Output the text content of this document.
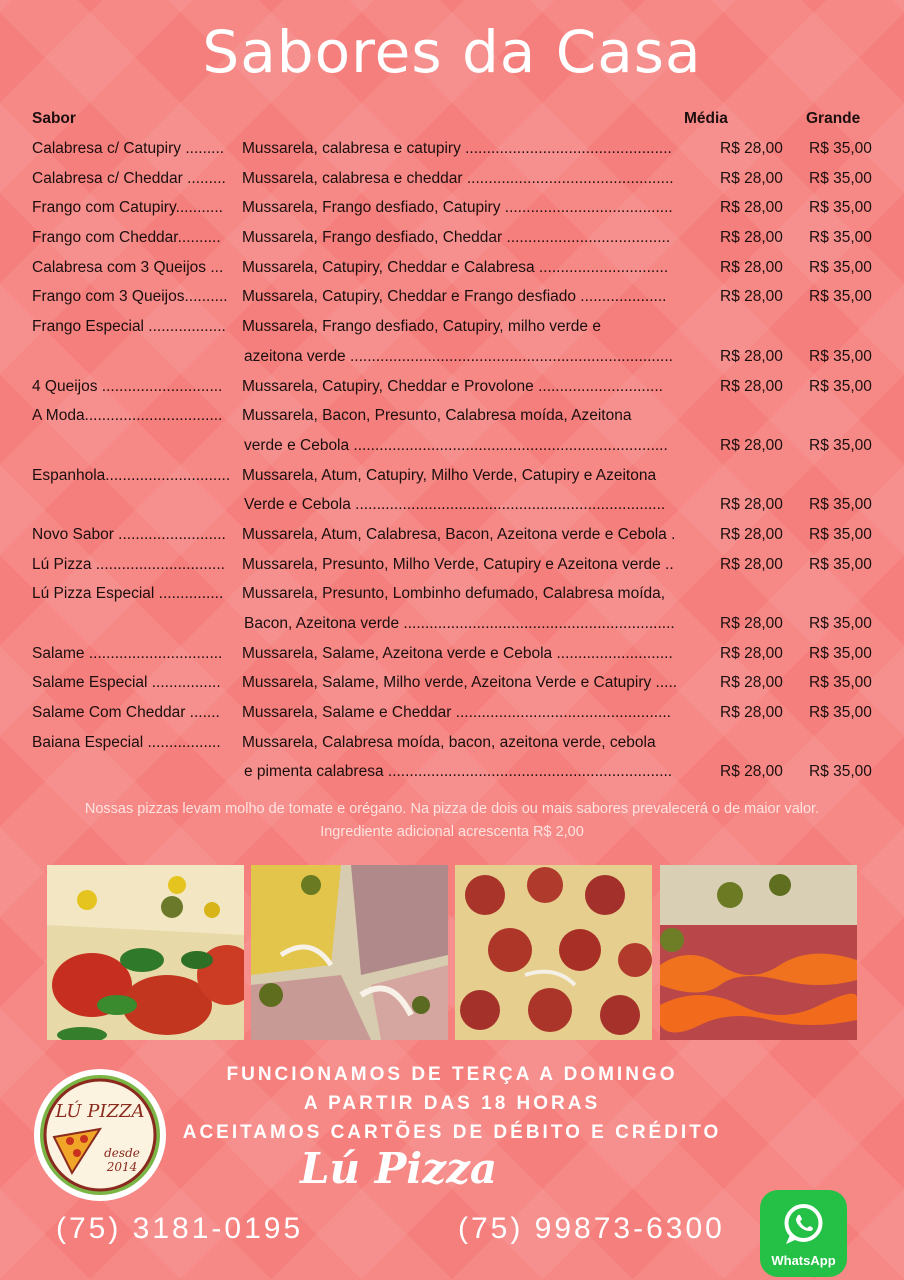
Sabores da Casa
Sabor	Média	Grande
Calabresa c/ Catupiry ......... Mussarela, calabresa e catupiry ................................................	R$ 28,00 R$ 35,00
Calabresa c/ Cheddar ......... Mussarela, calabresa e cheddar ................................................	R$ 28,00 R$ 35,00
Frango com Catupiry........... Mussarela, Frango desfiado, Catupiry .......................................	R$ 28,00 R$ 35,00
Frango com Cheddar.......... Mussarela, Frango desfiado, Cheddar ......................................	R$ 28,00 R$ 35,00
Calabresa com 3 Queijos ... Mussarela, Catupiry, Cheddar e Calabresa ..............................	R$ 28,00 R$ 35,00
Frango com 3 Queijos.......... Mussarela, Catupiry, Cheddar e Frango desfiado ....................	R$ 28,00 R$ 35,00
Frango Especial .................. Mussarela, Frango desfiado, Catupiry, milho verde e
azeitona verde ...........................................................................	R$ 28,00 R$ 35,00
4 Queijos ............................ Mussarela, Catupiry, Cheddar e Provolone .............................	R$ 28,00 R$ 35,00
A Moda................................ Mussarela, Bacon, Presunto, Calabresa moída, Azeitona
verde e Cebola .........................................................................	R$ 28,00 R$ 35,00
Espanhola............................. Mussarela, Atum, Catupiry, Milho Verde, Catupiry e Azeitona
Verde e Cebola ........................................................................	R$ 28,00 R$ 35,00
Novo Sabor ......................... Mussarela, Atum, Calabresa, Bacon, Azeitona verde e Cebola .	R$ 28,00 R$ 35,00
Lú Pizza .............................. Mussarela, Presunto, Milho Verde, Catupiry e Azeitona verde ..	R$ 28,00 R$ 35,00
Lú Pizza Especial ............... Mussarela, Presunto, Lombinho defumado, Calabresa moída,
Bacon, Azeitona verde ...............................................................	R$ 28,00 R$ 35,00
Salame ............................... Mussarela, Salame, Azeitona verde e Cebola ...........................	R$ 28,00 R$ 35,00
Salame Especial ................ Mussarela, Salame, Milho verde, Azeitona Verde e Catupiry .....	R$ 28,00 R$ 35,00
Salame Com Cheddar ....... Mussarela, Salame e Cheddar ..................................................	R$ 28,00 R$ 35,00
Baiana Especial ................. Mussarela, Calabresa moída, bacon, azeitona verde, cebola
e pimenta calabresa ..................................................................	R$ 28,00 R$ 35,00
Nossas pizzas levam molho de tomate e orégano. Na pizza de dois ou mais sabores prevalecerá o de maior valor.
Ingrediente adicional acrescenta R$ 2,00
FUNCIONAMOS DE TERÇA A DOMINGO
A PARTIR DAS 18 HORAS
ACEITAMOS CARTÕES DE DÉBITO E CRÉDITO
LÚ PIZZA
desde
2014	Lú Pizza
(75) 3181-0195	(75) 99873-6300
WhatsApp
